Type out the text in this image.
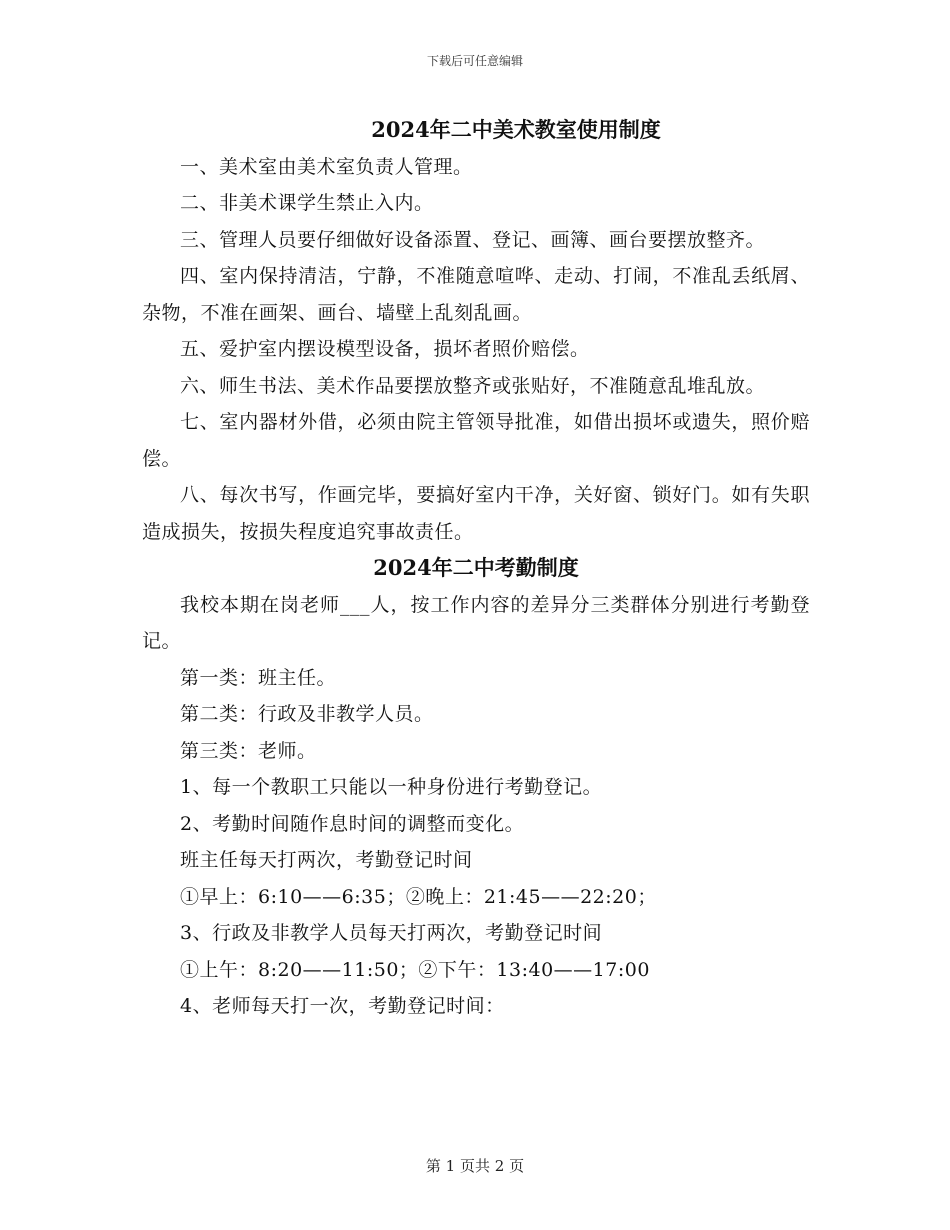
下载后可任意编辑
2024年二中美术教室使用制度

一、美术室由美术室负责人管理。

二、非美术课学生禁止入内。

三、管理人员要仔细做好设备添置、登记、画簿、画台要摆放整齐。

四、室内保持清洁，宁静，不准随意喧哗、走动、打闹，不准乱丢纸屑、杂物，不准在画架、画台、墙壁上乱刻乱画。

五、爱护室内摆设模型设备，损坏者照价赔偿。

六、师生书法、美术作品要摆放整齐或张贴好，不准随意乱堆乱放。

七、室内器材外借，必须由院主管领导批准，如借出损坏或遗失，照价赔偿。

八、每次书写，作画完毕，要搞好室内干净，关好窗、锁好门。如有失职造成损失，按损失程度追究事故责任。

2024年二中考勤制度

我校本期在岗老师___人，按工作内容的差异分三类群体分别进行考勤登记。

第一类：班主任。

第二类：行政及非教学人员。

第三类：老师。

1、每一个教职工只能以一种身份进行考勤登记。

2、考勤时间随作息时间的调整而变化。

班主任每天打两次，考勤登记时间

①早上：6:10——6:35；②晚上：21:45——22:20；

3、行政及非教学人员每天打两次，考勤登记时间

①上午：8:20——11:50；②下午：13:40——17:00

4、老师每天打一次，考勤登记时间：

第 1 页共 2 页
